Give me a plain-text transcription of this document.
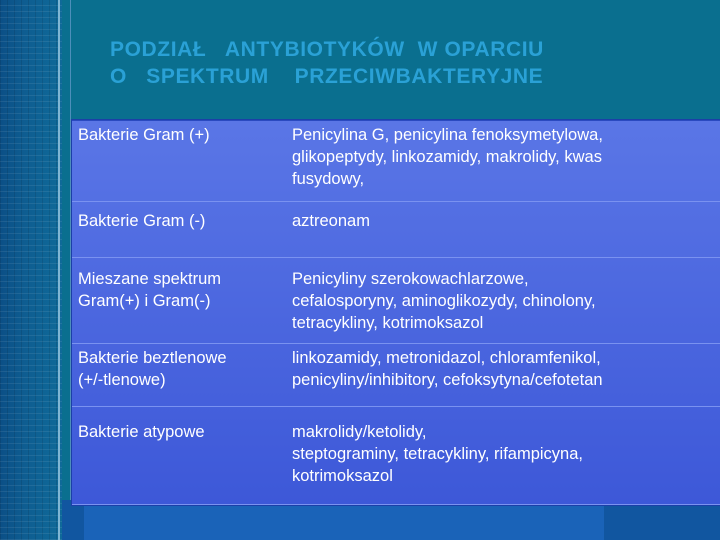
PODZIAŁ   ANTYBIOTYKÓW  W OPARCIU
O   SPEKTRUM    PRZECIWBAKTERYJNE
Bakterie Gram (+)	Penicylina G, penicylina fenoksymetylowa,
glikopeptydy, linkozamidy, makrolidy, kwas
fusydowy,
Bakterie Gram (-)	aztreonam
Mieszane spektrum
Gram(+) i Gram(-)	Penicyliny szerokowachlarzowe,
cefalosporyny, aminoglikozydy, chinolony,
tetracykliny, kotrimoksazol
Bakterie beztlenowe
(+/-tlenowe)	linkozamidy, metronidazol, chloramfenikol,
penicyliny/inhibitory, cefoksytyna/cefotetan
Bakterie atypowe	makrolidy/ketolidy,
steptograminy, tetracykliny, rifampicyna,
kotrimoksazol
